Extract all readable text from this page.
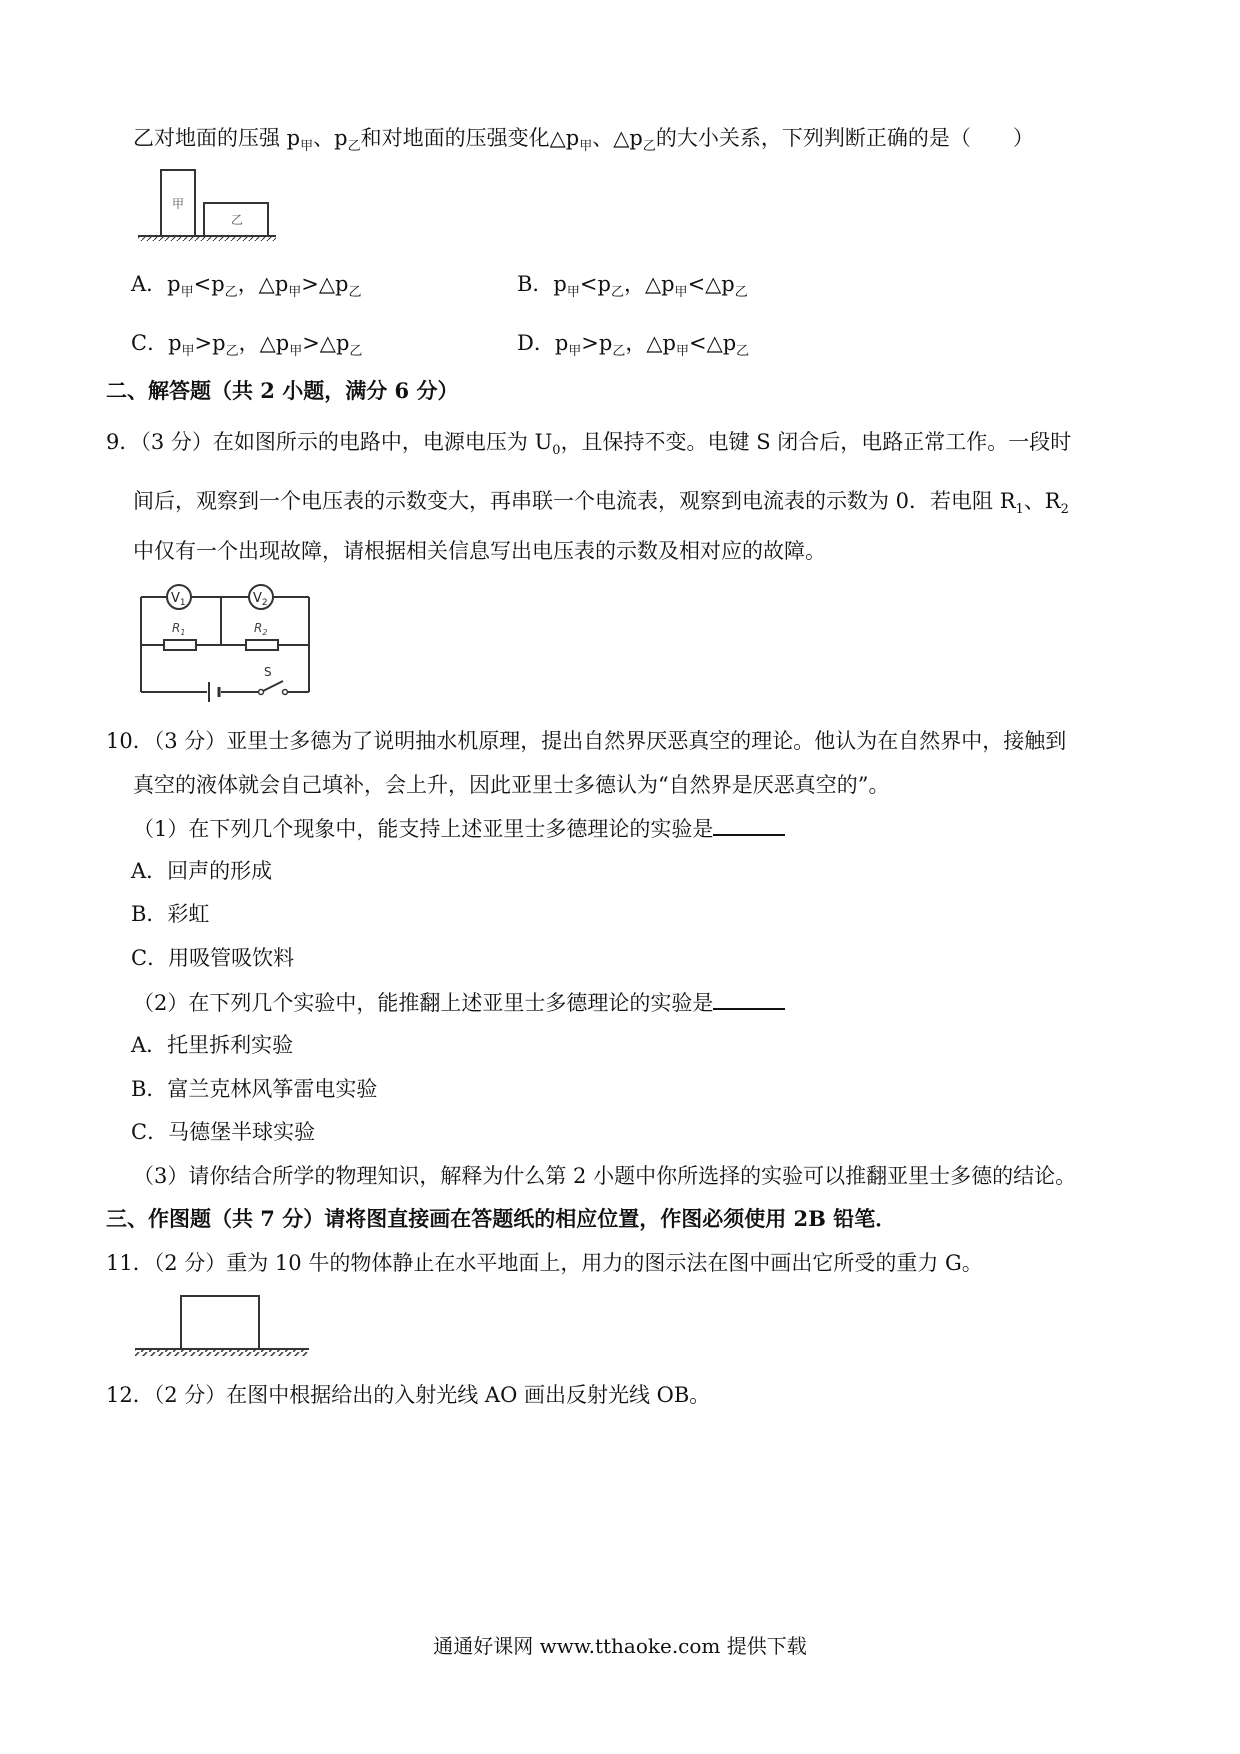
乙对地面的压强 $p_甲$、$p_乙$和对地面的压强变化$\triangle p_甲$、$\triangle p_乙$的大小关系，下列判断正确的是（　　）
甲
乙
A．$p_甲<p_乙$，$\triangle p_甲>\triangle p_乙$	B．$p_甲<p_乙$，$\triangle p_甲<\triangle p_乙$
C．$p_甲>p_乙$，$\triangle p_甲>\triangle p_乙$	D．$p_甲>p_乙$，$\triangle p_甲<\triangle p_乙$
二、解答题（共 2 小题，满分 6 分）
9．（3 分）在如图所示的电路中，电源电压为 $U_0$，且保持不变。电键 S 闭合后，电路正常工作。一段时
间后，观察到一个电压表的示数变大，再串联一个电流表，观察到电流表的示数为 0．若电阻 $R_1$、$R_2$
中仅有一个出现故障，请根据相关信息写出电压表的示数及相对应的故障。
$V_1$	$V_2$
$R_1$	$R_2$
S
10．（3 分）亚里士多德为了说明抽水机原理，提出自然界厌恶真空的理论。他认为在自然界中，接触到
真空的液体就会自己填补，会上升，因此亚里士多德认为“自然界是厌恶真空的”。
（1）在下列几个现象中，能支持上述亚里士多德理论的实验是
A．回声的形成
B．彩虹
C．用吸管吸饮料
（2）在下列几个实验中，能推翻上述亚里士多德理论的实验是
A．托里拆利实验
B．富兰克林风筝雷电实验
C．马德堡半球实验
（3）请你结合所学的物理知识，解释为什么第 2 小题中你所选择的实验可以推翻亚里士多德的结论。
三、作图题（共 7 分）请将图直接画在答题纸的相应位置，作图必须使用 2B 铅笔．
11．（2 分）重为 10 牛的物体静止在水平地面上，用力的图示法在图中画出它所受的重力 G。
12．（2 分）在图中根据给出的入射光线 AO 画出反射光线 OB。
通通好课网 www.tthaoke.com 提供下载
